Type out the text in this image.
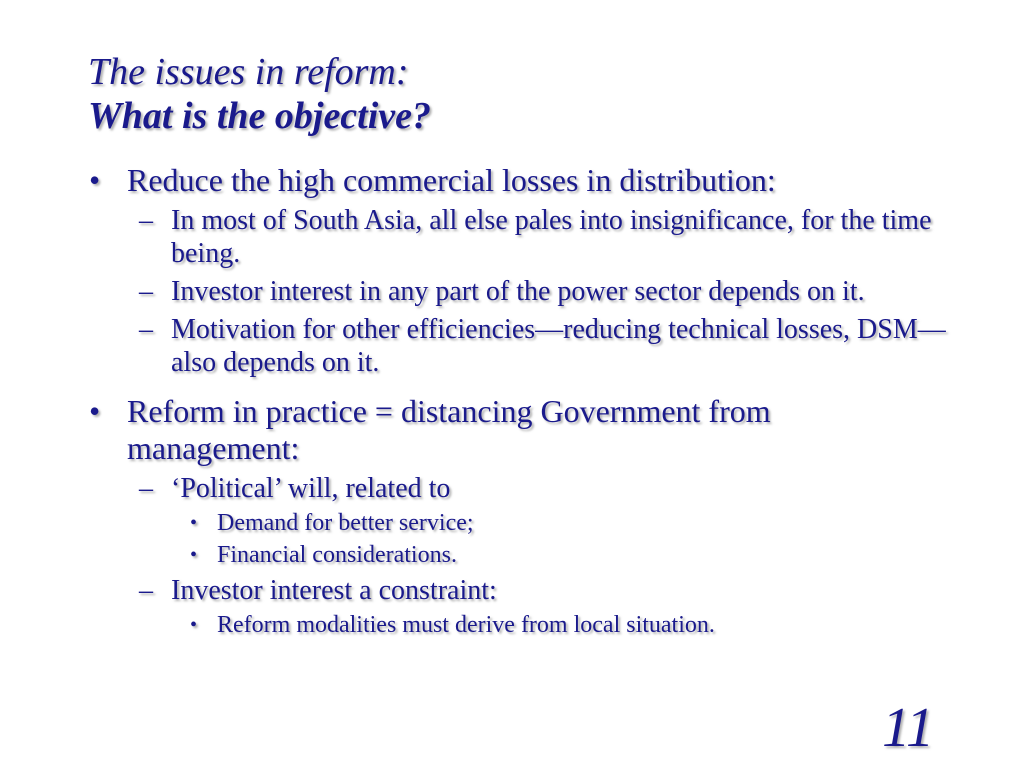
The issues in reform:
What is the objective?
• Reduce the high commercial losses in distribution:
– In most of South Asia, all else pales into insignificance, for the time being.
– Investor interest in any part of the power sector depends on it.
– Motivation for other efficiencies—reducing technical losses, DSM—also depends on it.
• Reform in practice = distancing Government from management:
– ‘Political’ will, related to
• Demand for better service;
• Financial considerations.
– Investor interest a constraint:
• Reform modalities must derive from local situation.
11
